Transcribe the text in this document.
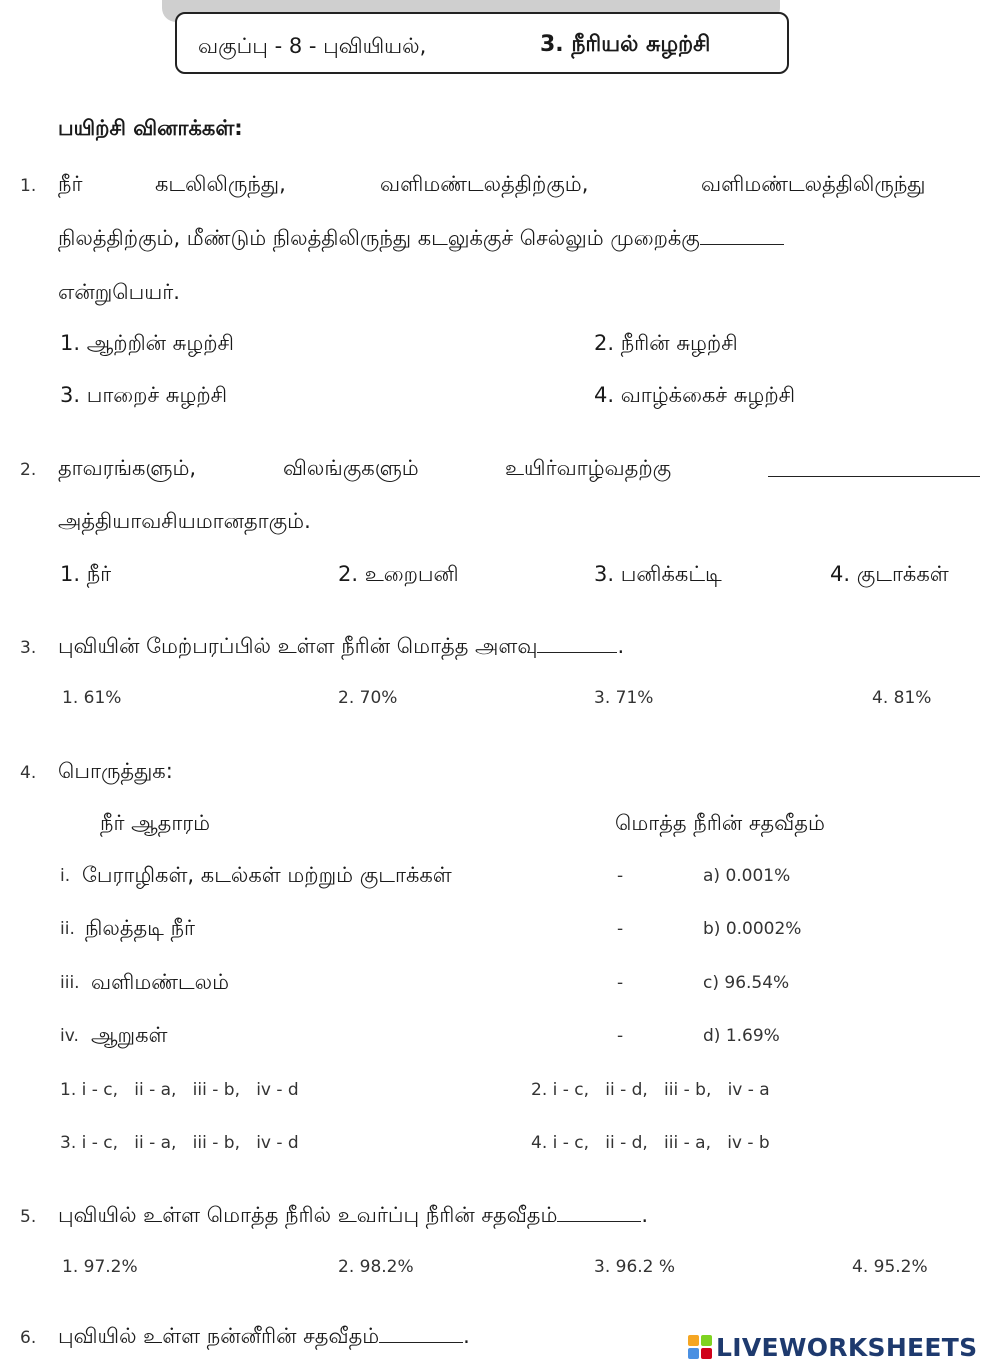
வகுப்பு - 8 - புவியியல்,	3. நீரியல் சுழற்சி
பயிற்சி வினாக்கள்:
1. நீர்	கடலிலிருந்து,	வளிமண்டலத்திற்கும்,	வளிமண்டலத்திலிருந்து
நிலத்திற்கும், மீண்டும் நிலத்திலிருந்து கடலுக்குச் செல்லும் முறைக்கு
என்றுபெயர்.
1. ஆற்றின் சுழற்சி	2. நீரின் சுழற்சி
3. பாறைச் சுழற்சி	4. வாழ்க்கைச் சுழற்சி
2. தாவரங்களும்,	விலங்குகளும்	உயிர்வாழ்வதற்கு
அத்தியாவசியமானதாகும்.
1. நீர்	2. உறைபனி	3. பனிக்கட்டி	4. குடாக்கள்
3. புவியின் மேற்பரப்பில் உள்ள நீரின் மொத்த அளவு	.
1. 61%	2. 70%	3. 71%	4. 81%
4. பொருத்துக:
நீர் ஆதாரம்	மொத்த நீரின் சதவீதம்
i. பேராழிகள், கடல்கள் மற்றும் குடாக்கள்	-	a) 0.001%
ii. நிலத்தடி நீர்	-	b) 0.0002%
iii. வளிமண்டலம்	-	c) 96.54%
iv. ஆறுகள்	-	d) 1.69%
1. i - c,   ii - a,   iii - b,   iv - d	2. i - c,   ii - d,   iii - b,   iv - a
3. i - c,   ii - a,   iii - b,   iv - d	4. i - c,   ii - d,   iii - a,   iv - b
5. புவியில் உள்ள மொத்த நீரில் உவர்ப்பு நீரின் சதவீதம்	.
1. 97.2%	2. 98.2%	3. 96.2 %	4. 95.2%
6. புவியில் உள்ள நன்னீரின் சதவீதம்	.	LIVEWORKSHEETS
